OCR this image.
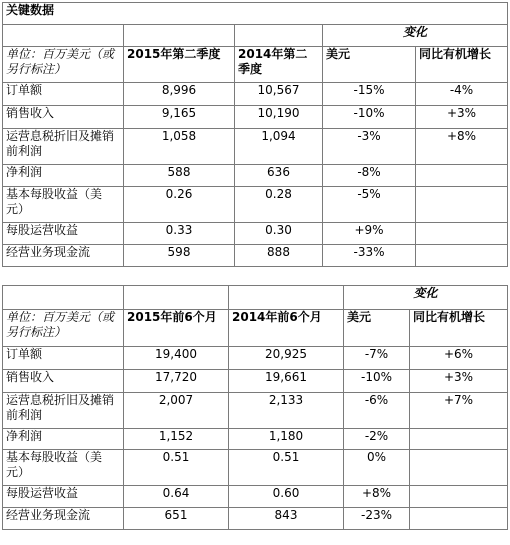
关键数据				
			变化	
单位：百万美元（或另行标注）	2015年第二季度	2014年第二季度	美元	同比有机增长
订单额	8,996	10,567	-15%	-4%
销售收入	9,165	10,190	-10%	+3%
运营息税折旧及摊销前利润	1,058	1,094	-3%	+8%
净利润	588	636	-8%	
基本每股收益（美元）	0.26	0.28	-5%	
每股运营收益	0.33	0.30	+9%	
经营业务现金流	598	888	-33%	
			变化	
单位：百万美元（或另行标注）	2015年前6个月	2014年前6个月	美元	同比有机增长
订单额	19,400	20,925	-7%	+6%
销售收入	17,720	19,661	-10%	+3%
运营息税折旧及摊销前利润	2,007	2,133	-6%	+7%
净利润	1,152	1,180	-2%	
基本每股收益（美元）	0.51	0.51	0%	
每股运营收益	0.64	0.60	+8%	
经营业务现金流	651	843	-23%	
